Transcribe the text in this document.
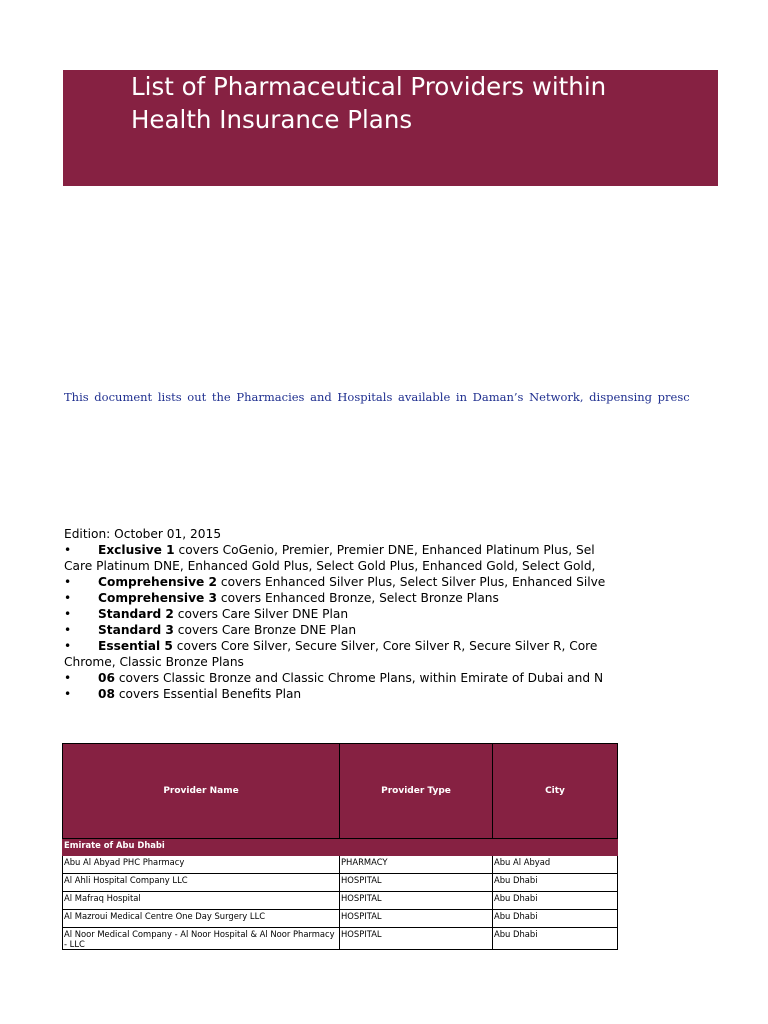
List of Pharmaceutical Providers within
Health Insurance Plans
This document lists out the Pharmacies and Hospitals available in Daman’s Network, dispensing presc
Edition: October 01, 2015
•	Exclusive 1 covers CoGenio, Premier, Premier DNE, Enhanced Platinum Plus, Sel
Care Platinum DNE, Enhanced Gold Plus, Select Gold Plus, Enhanced Gold, Select Gold,
•	Comprehensive 2 covers Enhanced Silver Plus, Select Silver Plus, Enhanced Silve
•	Comprehensive 3 covers Enhanced Bronze, Select Bronze Plans
•	Standard 2 covers Care Silver DNE Plan
•	Standard 3 covers Care Bronze DNE Plan
•	Essential 5 covers Core Silver, Secure Silver, Core Silver R, Secure Silver R, Core
Chrome, Classic Bronze Plans
•	06 covers Classic Bronze and Classic Chrome Plans, within Emirate of Dubai and N
•	08 covers Essential Benefits Plan
Provider Name	Provider Type	City
Emirate of Abu Dhabi		
Abu Al Abyad PHC Pharmacy	PHARMACY	Abu Al Abyad
Al Ahli Hospital Company LLC	HOSPITAL	Abu Dhabi
Al Mafraq Hospital	HOSPITAL	Abu Dhabi
Al Mazroui Medical Centre One Day Surgery LLC	HOSPITAL	Abu Dhabi
Al Noor Medical Company - Al Noor Hospital & Al Noor Pharmacy - LLC	HOSPITAL	Abu Dhabi
